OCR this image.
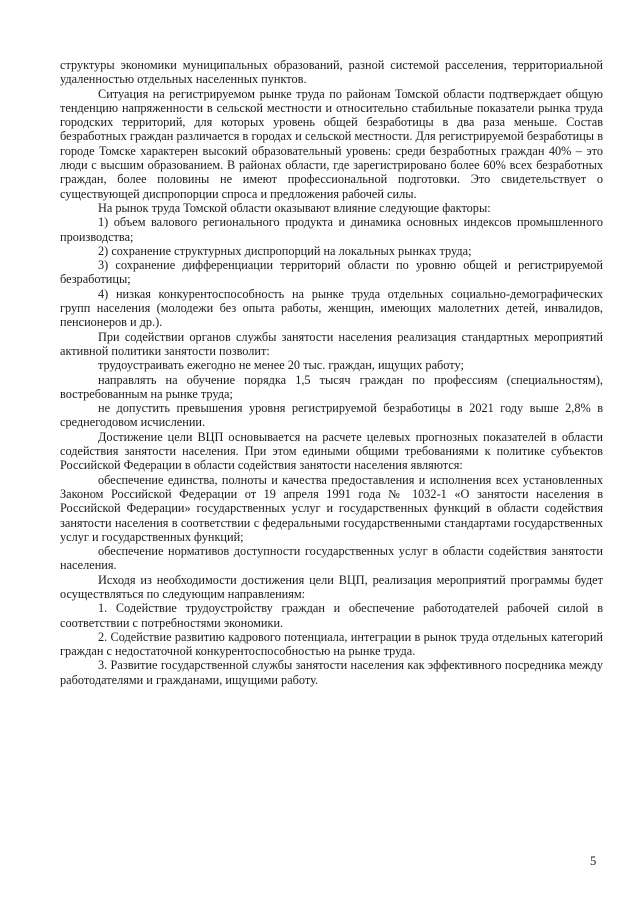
структуры экономики муниципальных образований, разной системой расселения, территориальной удаленностью отдельных населенных пунктов.

Ситуация на регистрируемом рынке труда по районам Томской области подтверждает общую тенденцию напряженности в сельской местности и относительно стабильные показатели рынка труда городских территорий, для которых уровень общей безработицы в два раза меньше. Состав безработных граждан различается в городах и сельской местности. Для регистрируемой безработицы в городе Томске характерен высокий образовательный уровень: среди безработных граждан 40% – это люди с высшим образованием. В районах области, где зарегистрировано более 60% всех безработных граждан, более половины не имеют профессиональной подготовки. Это свидетельствует о существующей диспропорции спроса и предложения рабочей силы.

На рынок труда Томской области оказывают влияние следующие факторы:

1) объем валового регионального продукта и динамика основных индексов промышленного производства;

2) сохранение структурных диспропорций на локальных рынках труда;

3) сохранение дифференциации территорий области по уровню общей и регистрируемой безработицы;

4) низкая конкурентоспособность на рынке труда отдельных социально-демографических групп населения (молодежи без опыта работы, женщин, имеющих малолетних детей, инвалидов, пенсионеров и др.).

При содействии органов службы занятости населения реализация стандартных мероприятий активной политики занятости позволит:

трудоустраивать ежегодно не менее 20 тыс. граждан, ищущих работу;

направлять на обучение порядка 1,5 тысяч граждан по профессиям (специальностям), востребованным на рынке труда;

не допустить превышения уровня регистрируемой безработицы в 2021 году выше 2,8% в среднегодовом исчислении.

Достижение цели ВЦП основывается на расчете целевых прогнозных показателей в области содействия занятости населения. При этом едиными общими требованиями к политике субъектов Российской Федерации в области содействия занятости населения являются:

обеспечение единства, полноты и качества предоставления и исполнения всех установленных Законом Российской Федерации от 19 апреля 1991 года № 1032-1 «О занятости населения в Российской Федерации» государственных услуг и государственных функций в области содействия занятости населения в соответствии с федеральными государственными стандартами государственных услуг и государственных функций;

обеспечение нормативов доступности государственных услуг в области содействия занятости населения.

Исходя из необходимости достижения цели ВЦП, реализация мероприятий программы будет осуществляться по следующим направлениям:

1. Содействие трудоустройству граждан и обеспечение работодателей рабочей силой в соответствии с потребностями экономики.

2. Содействие развитию кадрового потенциала, интеграции в рынок труда отдельных категорий граждан с недостаточной конкурентоспособностью на рынке труда.

3. Развитие государственной службы занятости населения как эффективного посредника между работодателями и гражданами, ищущими работу.

5
